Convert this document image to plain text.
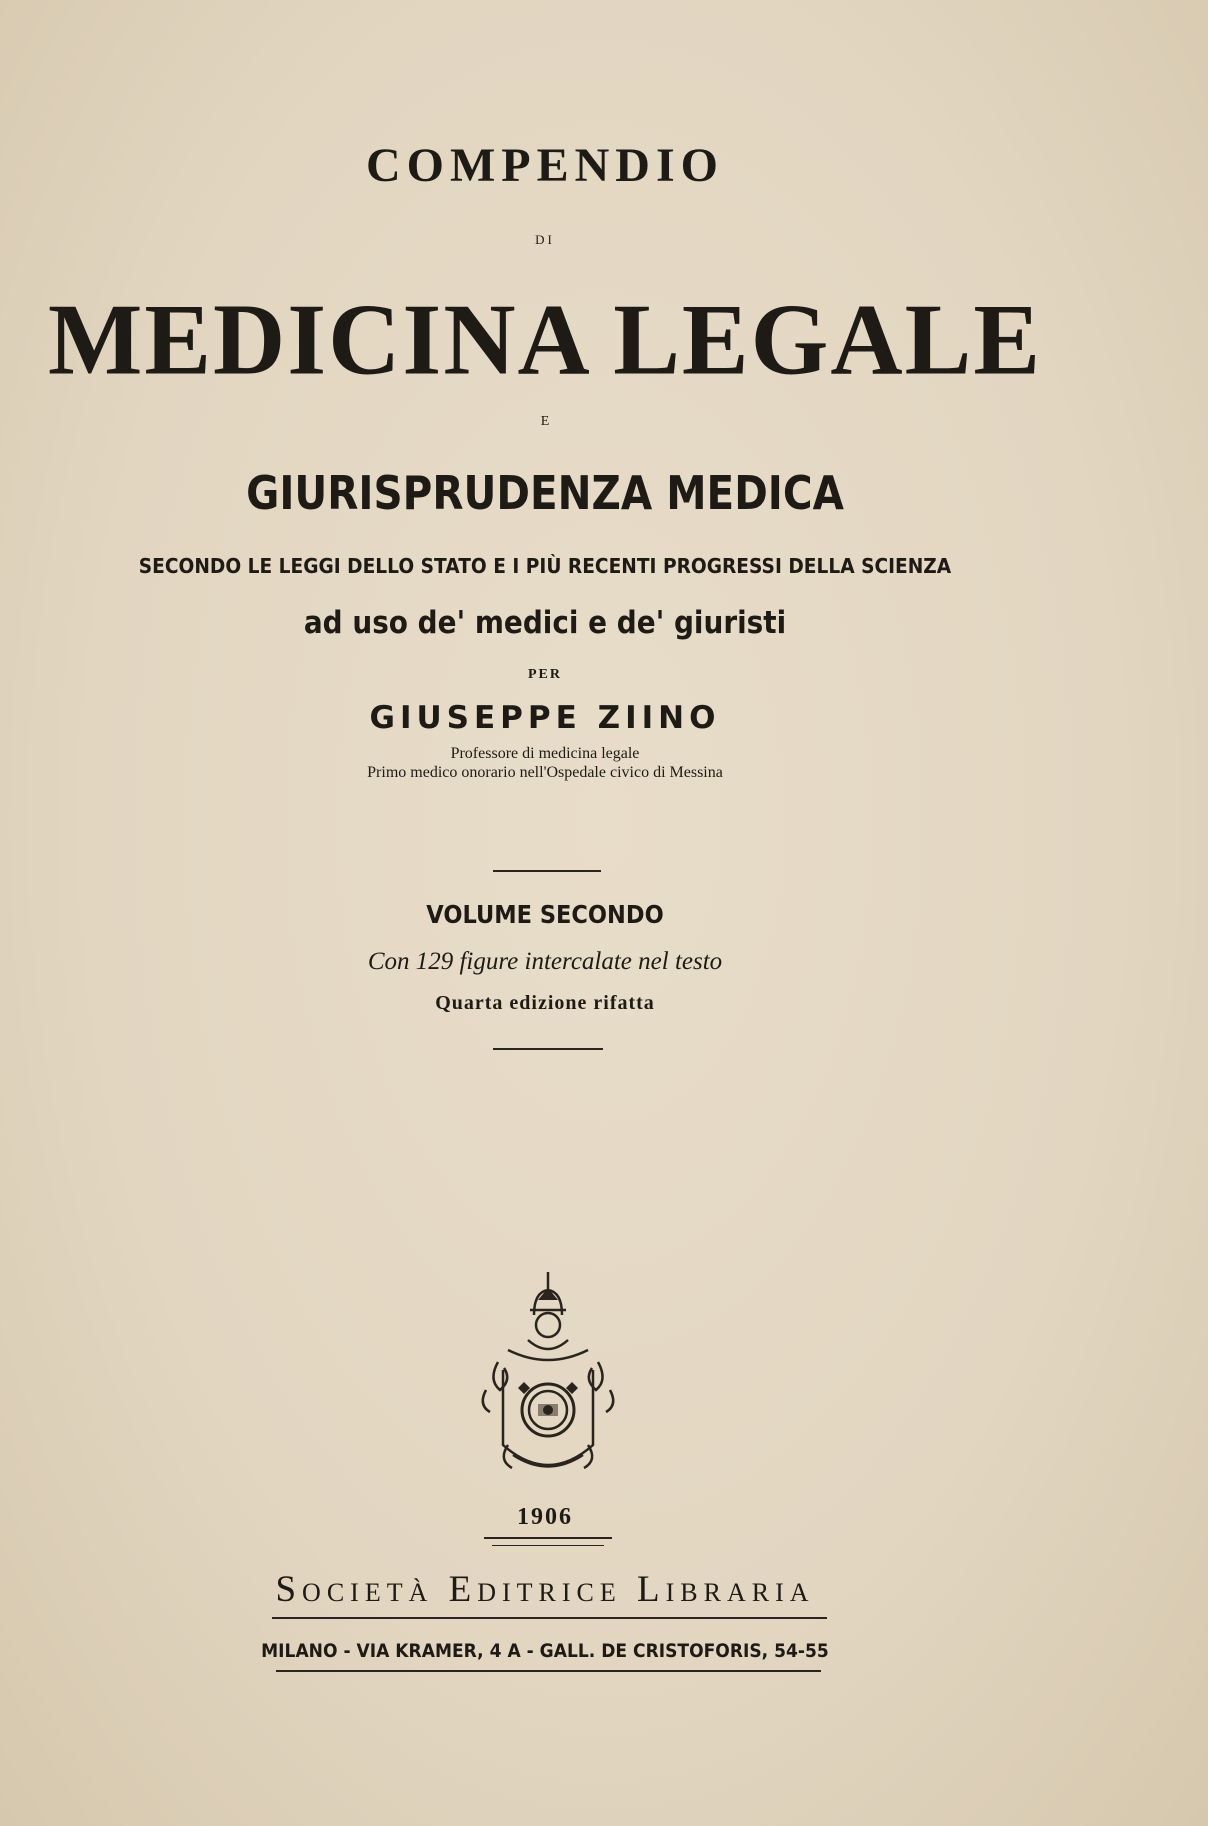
COMPENDIO
DI
MEDICINA LEGALE
E
GIURISPRUDENZA MEDICA
SECONDO LE LEGGI DELLO STATO E I PIÙ RECENTI PROGRESSI DELLA SCIENZA
ad uso de' medici e de' giuristi
PER
GIUSEPPE ZIINO
Professore di medicina legale
Primo medico onorario nell'Ospedale civico di Messina
VOLUME SECONDO
Con 129 figure intercalate nel testo
Quarta edizione rifatta
1906
Società Editrice Libraria
MILANO - VIA KRAMER, 4 A - GALL. DE CRISTOFORIS, 54-55
